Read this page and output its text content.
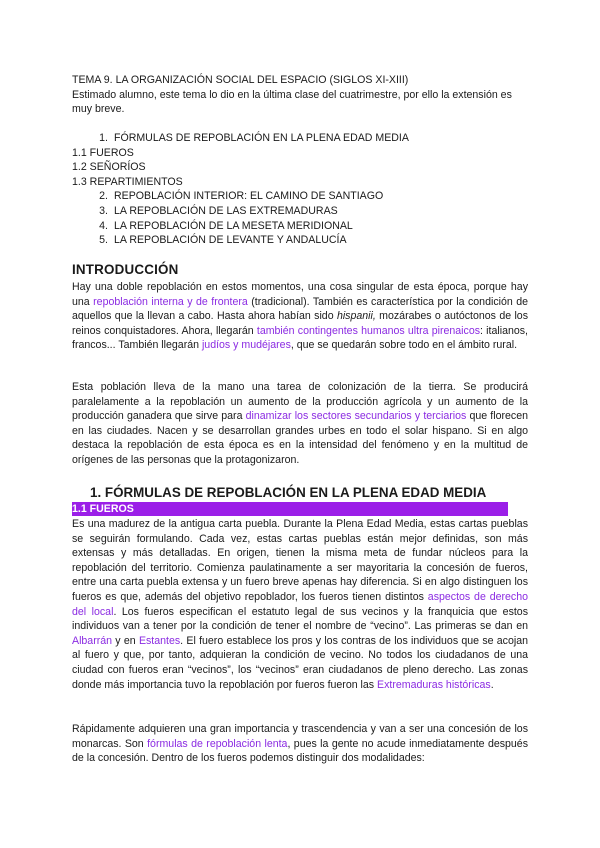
TEMA 9. LA ORGANIZACIÓN SOCIAL DEL ESPACIO (SIGLOS XI-XIII)

Estimado alumno, este tema lo dio en la última clase del cuatrimestre, por ello la extensión es muy breve.

1. FÓRMULAS DE REPOBLACIÓN EN LA PLENA EDAD MEDIA
1.1 FUEROS
1.2 SEÑORÍOS
1.3 REPARTIMIENTOS
2. REPOBLACIÓN INTERIOR: EL CAMINO DE SANTIAGO
3. LA REPOBLACIÓN DE LAS EXTREMADURAS
4. LA REPOBLACIÓN DE LA MESETA MERIDIONAL
5. LA REPOBLACIÓN DE LEVANTE Y ANDALUCÍA
INTRODUCCIÓN

Hay una doble repoblación en estos momentos, una cosa singular de esta época, porque hay una repoblación interna y de frontera (tradicional). También es característica por la condición de aquellos que la llevan a cabo. Hasta ahora habían sido hispanii, mozárabes o autóctonos de los reinos conquistadores. Ahora, llegarán también contingentes humanos ultra pirenaicos: italianos, francos... También llegarán judíos y mudéjares, que se quedarán sobre todo en el ámbito rural.

Esta población lleva de la mano una tarea de colonización de la tierra. Se producirá paralelamente a la repoblación un aumento de la producción agrícola y un aumento de la producción ganadera que sirve para dinamizar los sectores secundarios y terciarios que florecen en las ciudades. Nacen y se desarrollan grandes urbes en todo el solar hispano. Si en algo destaca la repoblación de esta época es en la intensidad del fenómeno y en la multitud de orígenes de las personas que la protagonizaron.

1. FÓRMULAS DE REPOBLACIÓN EN LA PLENA EDAD MEDIA
1.1 FUEROS

Es una madurez de la antigua carta puebla. Durante la Plena Edad Media, estas cartas pueblas se seguirán formulando. Cada vez, estas cartas pueblas están mejor definidas, son más extensas y más detalladas. En origen, tienen la misma meta de fundar núcleos para la repoblación del territorio. Comienza paulatinamente a ser mayoritaria la concesión de fueros, entre una carta puebla extensa y un fuero breve apenas hay diferencia. Si en algo distinguen los fueros es que, además del objetivo repoblador, los fueros tienen distintos aspectos de derecho del local. Los fueros especifican el estatuto legal de sus vecinos y la franquicia que estos individuos van a tener por la condición de tener el nombre de “vecino”. Las primeras se dan en Albarrán y en Estantes. El fuero establece los pros y los contras de los individuos que se acojan al fuero y que, por tanto, adquieran la condición de vecino. No todos los ciudadanos de una ciudad con fueros eran “vecinos”, los “vecinos” eran ciudadanos de pleno derecho. Las zonas donde más importancia tuvo la repoblación por fueros fueron las Extremaduras históricas.

Rápidamente adquieren una gran importancia y trascendencia y van a ser una concesión de los monarcas. Son fórmulas de repoblación lenta, pues la gente no acude inmediatamente después de la concesión. Dentro de los fueros podemos distinguir dos modalidades:
